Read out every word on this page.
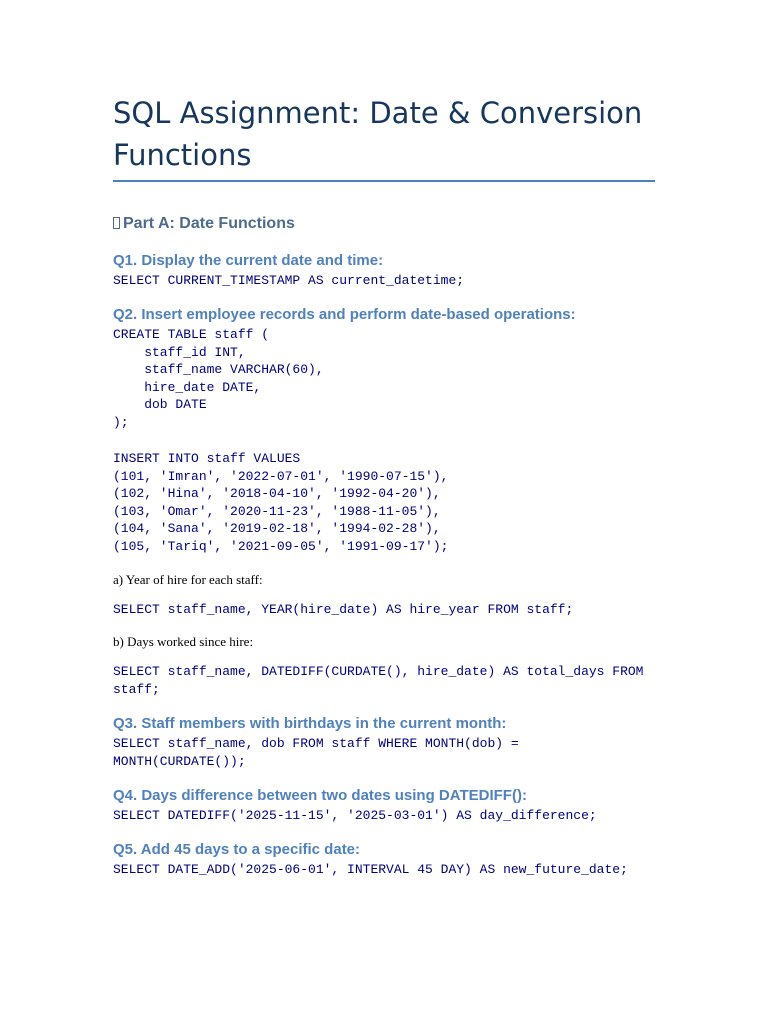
SQL Assignment: Date & Conversion
Functions
Part A: Date Functions
Q1. Display the current date and time:
SELECT CURRENT_TIMESTAMP AS current_datetime;
Q2. Insert employee records and perform date-based operations:
CREATE TABLE staff (
staff_id INT,
staff_name VARCHAR(60),
hire_date DATE,
dob DATE
);
INSERT INTO staff VALUES
(101, 'Imran', '2022-07-01', '1990-07-15'),
(102, 'Hina', '2018-04-10', '1992-04-20'),
(103, 'Omar', '2020-11-23', '1988-11-05'),
(104, 'Sana', '2019-02-18', '1994-02-28'),
(105, 'Tariq', '2021-09-05', '1991-09-17');

a) Year of hire for each staff:

SELECT staff_name, YEAR(hire_date) AS hire_year FROM staff;

b) Days worked since hire:

SELECT staff_name, DATEDIFF(CURDATE(), hire_date) AS total_days FROM
staff;
Q3. Staff members with birthdays in the current month:
SELECT staff_name, dob FROM staff WHERE MONTH(dob) =
MONTH(CURDATE());
Q4. Days difference between two dates using DATEDIFF():
SELECT DATEDIFF('2025-11-15', '2025-03-01') AS day_difference;
Q5. Add 45 days to a specific date:
SELECT DATE_ADD('2025-06-01', INTERVAL 45 DAY) AS new_future_date;
